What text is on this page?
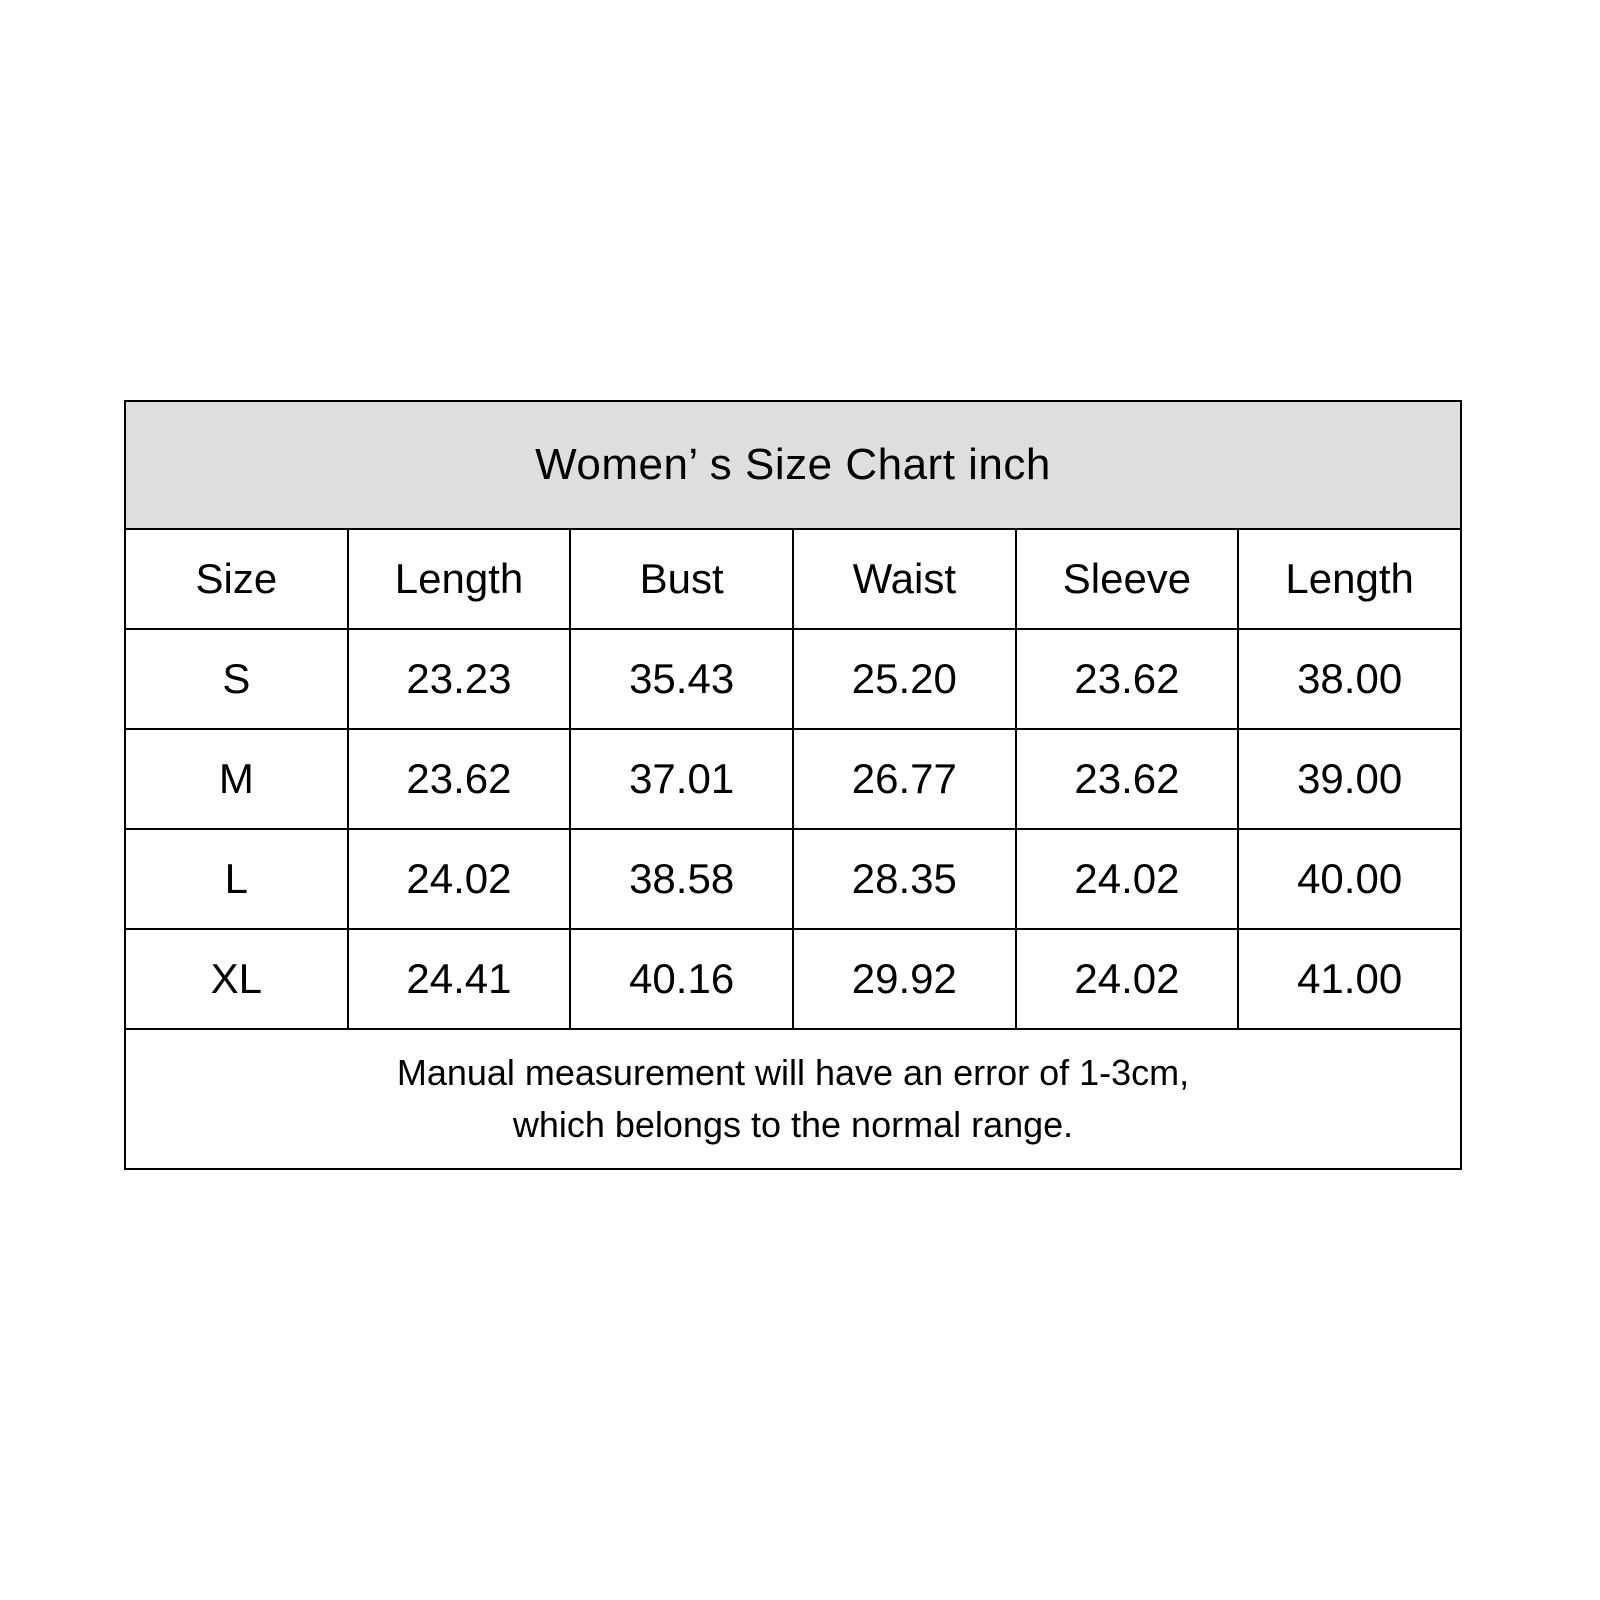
Women’ s Size Chart inch					
Size	Length	Bust	Waist	Sleeve	Length
S	23.23	35.43	25.20	23.62	38.00
M	23.62	37.01	26.77	23.62	39.00
L	24.02	38.58	28.35	24.02	40.00
XL	24.41	40.16	29.92	24.02	41.00

Manual measurement will have an error of 1-3cm,
which belongs to the normal range.					
